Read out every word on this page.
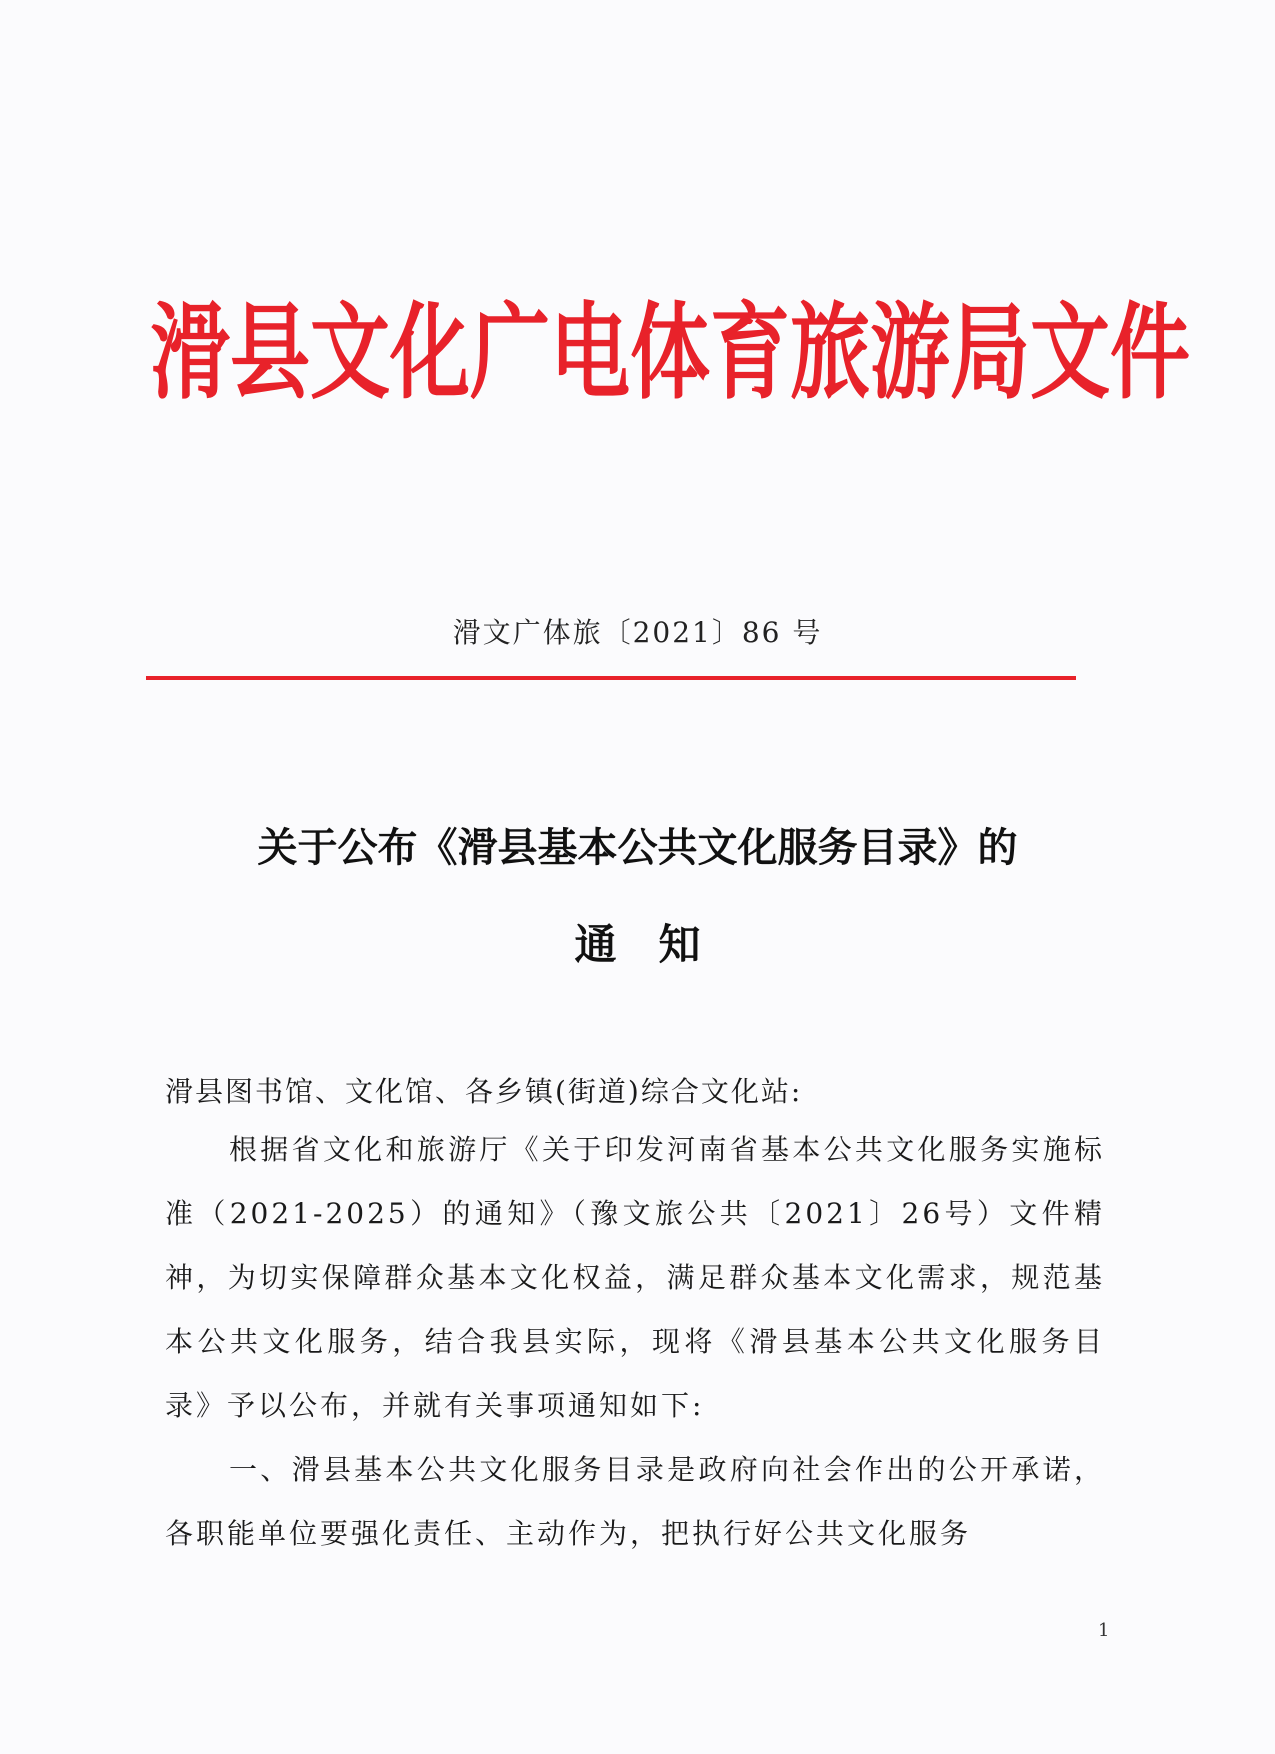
滑县文化广电体育旅游局文件
滑文广体旅〔2021〕86 号
关于公布《滑县基本公共文化服务目录》的
通　知
滑县图书馆、文化馆、各乡镇(街道)综合文化站:

根据省文化和旅游厅《关于印发河南省基本公共文化服务实施标准（2021-2025）的通知》（豫文旅公共〔2021〕26号）文件精神，为切实保障群众基本文化权益，满足群众基本文化需求，规范基本公共文化服务，结合我县实际，现将《滑县基本公共文化服务目录》予以公布，并就有关事项通知如下:

一、滑县基本公共文化服务目录是政府向社会作出的公开承诺，各职能单位要强化责任、主动作为，把执行好公共文化服务

1
